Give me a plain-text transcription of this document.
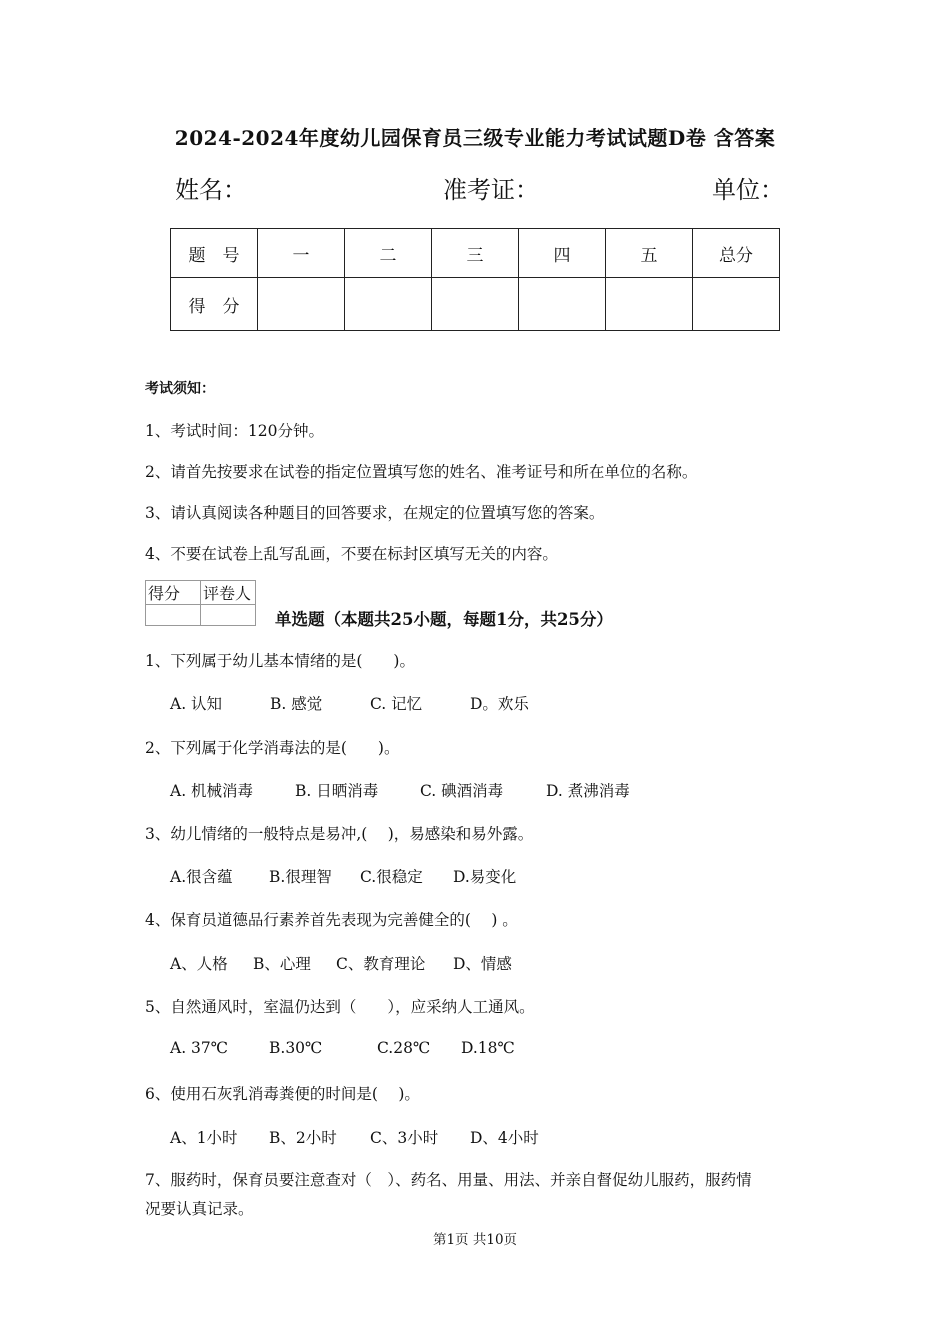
2024-2024年度幼儿园保育员三级专业能力考试试题D卷 含答案
姓名：	准考证：	单位：
题　号	一	二	三	四	五	总分
得　分						
考试须知：
1、考试时间：120分钟。
2、请首先按要求在试卷的指定位置填写您的姓名、准考证号和所在单位的名称。
3、请认真阅读各种题目的回答要求，在规定的位置填写您的答案。
4、不要在试卷上乱写乱画，不要在标封区填写无关的内容。
得分	评卷人

单选题（本题共25小题，每题1分，共25分）
1、下列属于幼儿基本情绪的是(　　)。
A. 认知	B. 感觉	C. 记忆	D。欢乐
2、下列属于化学消毒法的是(　　)。
A. 机械消毒	B. 日晒消毒	C. 碘酒消毒	D. 煮沸消毒
3、幼儿情绪的一般特点是易冲,(　 )，易感染和易外露。
A.很含蕴 B.很理智 C.很稳定 D.易变化
4、保育员道德品行素养首先表现为完善健全的(　 ) 。
A、人格 B、心理 C、教育理论 D、情感
5、自然通风时，室温仍达到（　　），应采纳人工通风。
A. 37℃	B.30℃	C.28℃ D.18℃
6、使用石灰乳消毒粪便的时间是(　 )。
A、1小时 B、2小时 C、3小时 D、4小时
7、服药时，保育员要注意查对（　）、药名、用量、用法、并亲自督促幼儿服药，服药情
况要认真记录。
第1页 共10页
